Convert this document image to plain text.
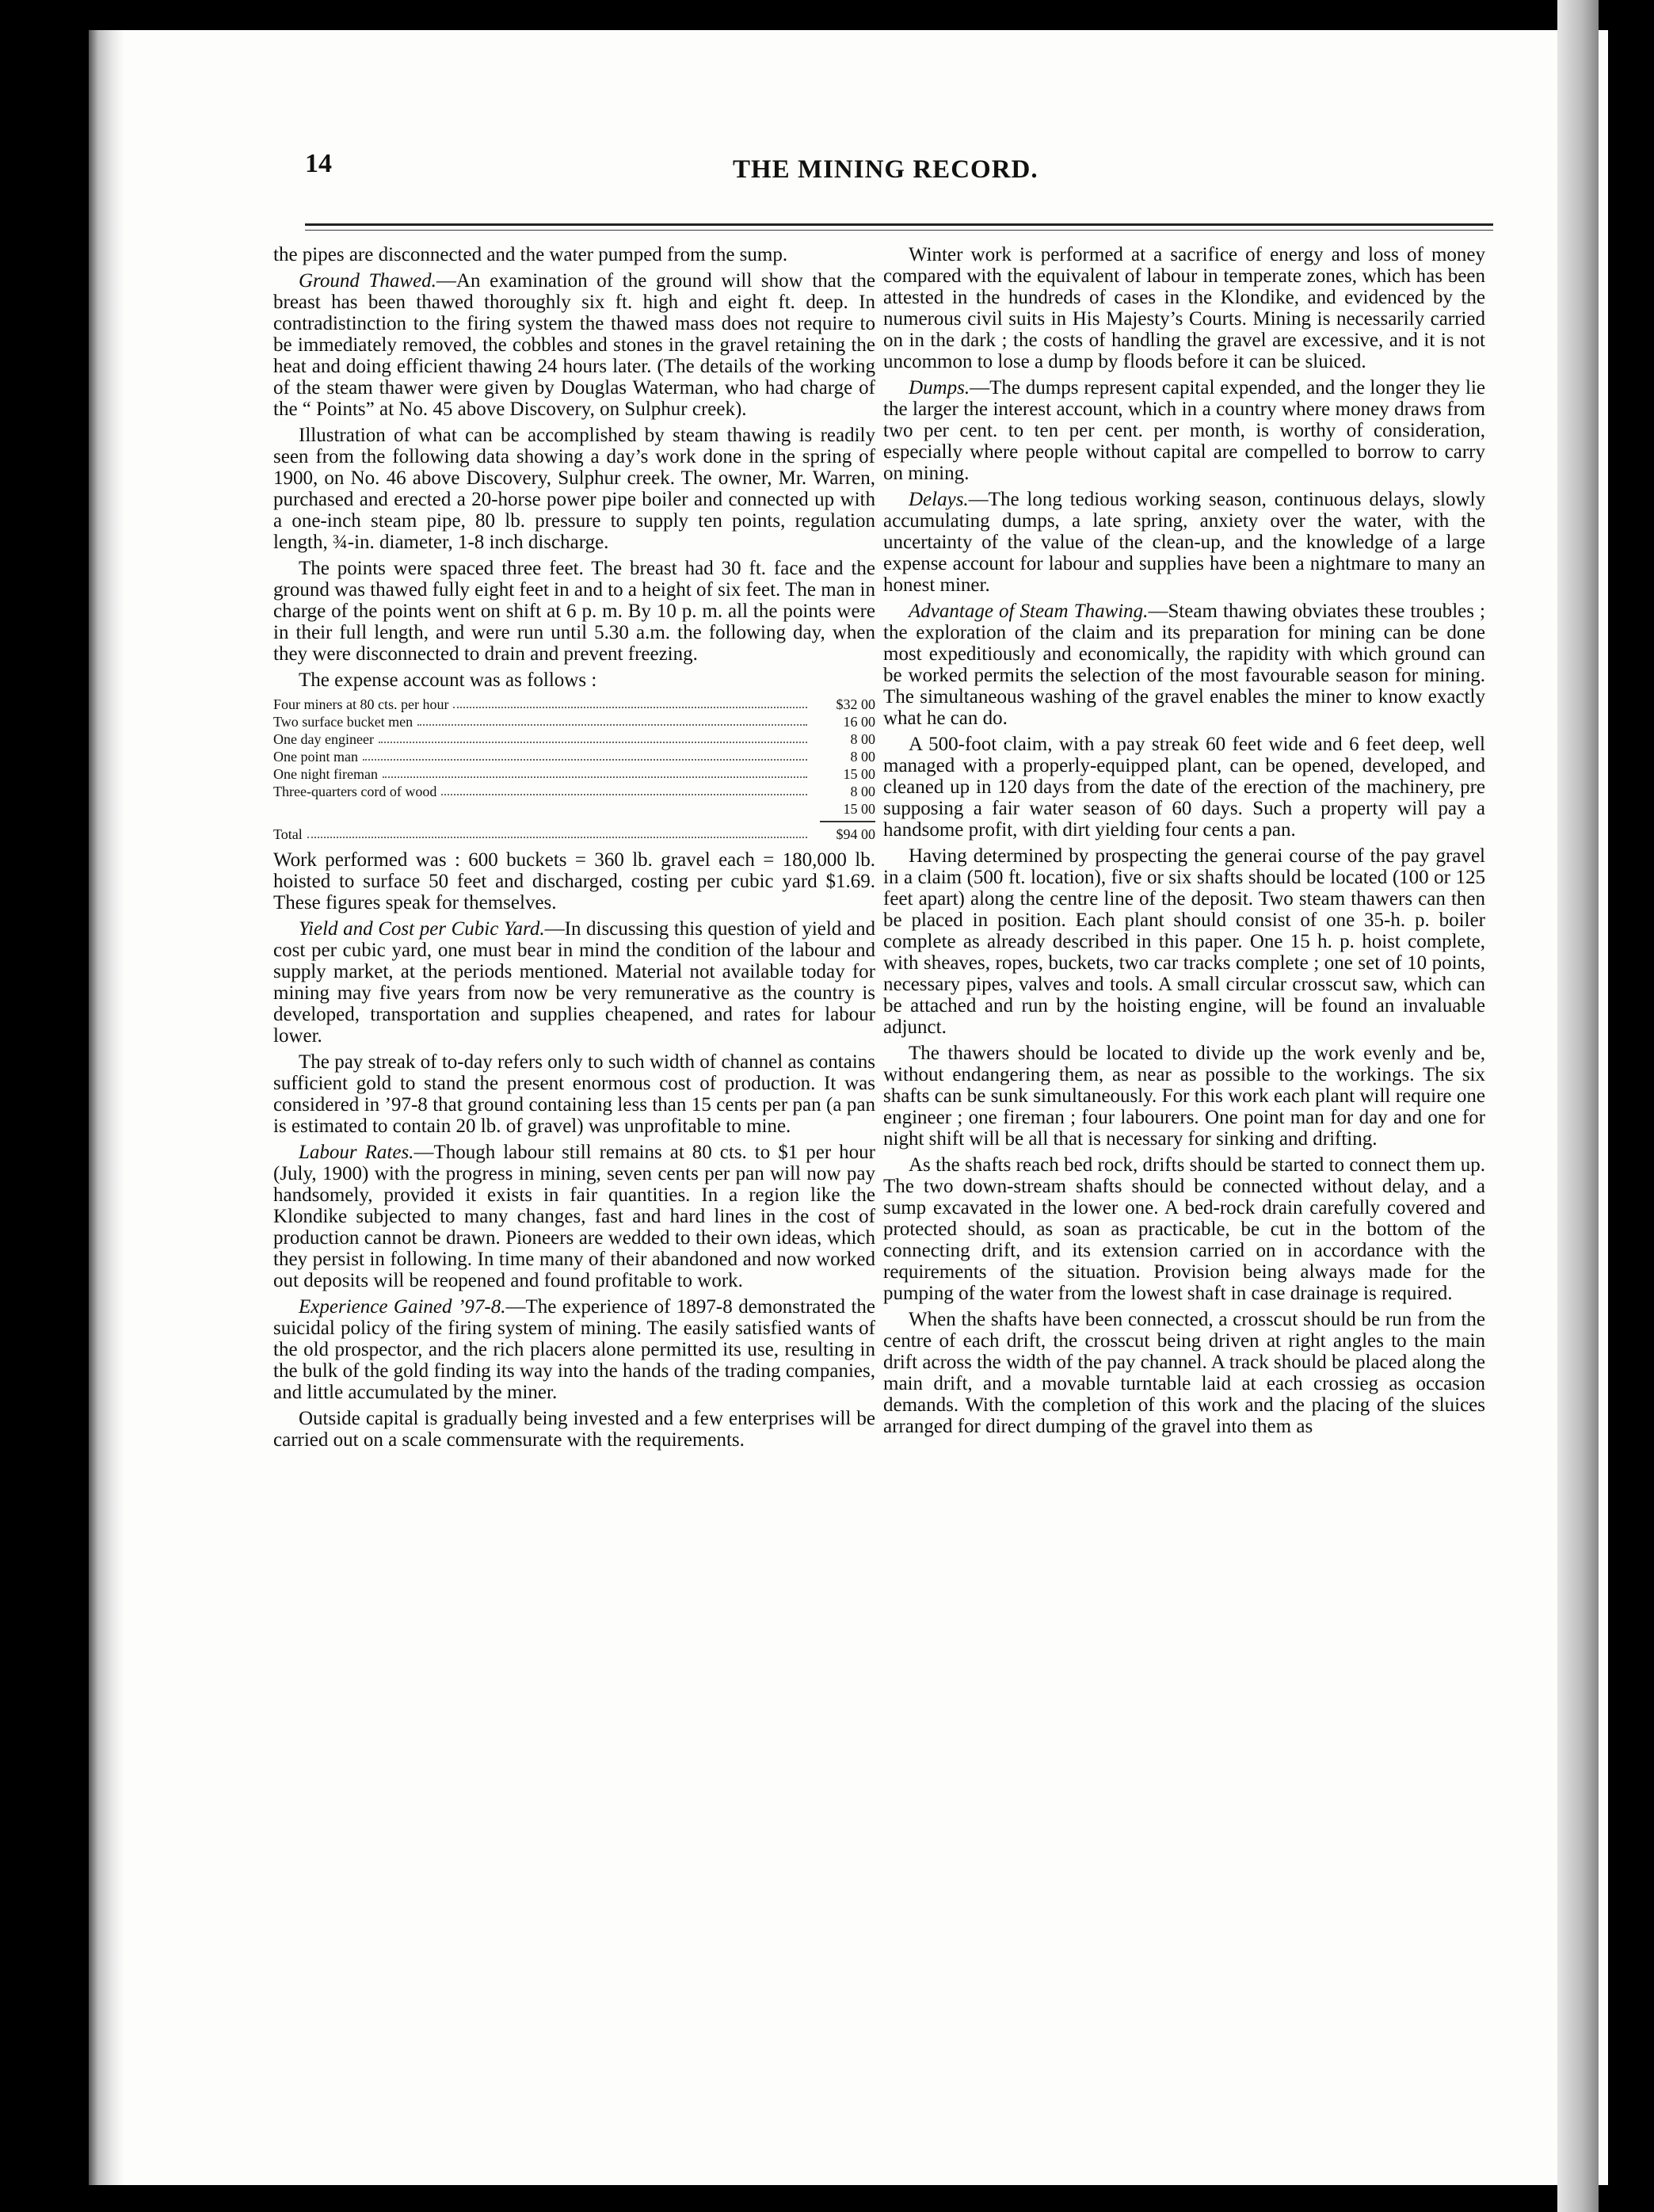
14	THE MINING RECORD.

the pipes are disconnected and the water pumped from the sump.

Ground Thawed.—An examination of the ground will show that the breast has been thawed thoroughly six ft. high and eight ft. deep. In contradistinction to the firing system the thawed mass does not require to be immediately removed, the cobbles and stones in the gravel retaining the heat and doing efficient thawing 24 hours later. (The details of the working of the steam thawer were given by Douglas Waterman, who had charge of the “ Points” at No. 45 above Discovery, on Sulphur creek).

Illustration of what can be accomplished by steam thawing is readily seen from the following data showing a day’s work done in the spring of 1900, on No. 46 above Discovery, Sulphur creek. The owner, Mr. Warren, purchased and erected a 20-horse power pipe boiler and connected up with a one-inch steam pipe, 80 lb. pressure to supply ten points, regulation length, ¾-in. diameter, 1-8 inch discharge.

The points were spaced three feet. The breast had 30 ft. face and the ground was thawed fully eight feet in and to a height of six feet. The man in charge of the points went on shift at 6 p. m. By 10 p. m. all the points were in their full length, and were run until 5.30 a.m. the following day, when they were disconnected to drain and prevent freezing.

The expense account was as follows :

Four miners at 80 cts. per hour	$32 00
Two surface bucket men	16 00
One day engineer	8 00
One point man	8 00
One night fireman	15 00
Three-quarters cord of wood	8 00
15 00
Total	$94 00

Work performed was : 600 buckets = 360 lb. gravel each = 180,000 lb. hoisted to surface 50 feet and discharged, costing per cubic yard $1.69. These figures speak for themselves.

Yield and Cost per Cubic Yard.—In discussing this question of yield and cost per cubic yard, one must bear in mind the condition of the labour and supply market, at the periods mentioned. Material not available today for mining may five years from now be very remunerative as the country is developed, transportation and supplies cheapened, and rates for labour lower.

The pay streak of to-day refers only to such width of channel as contains sufficient gold to stand the present enormous cost of production. It was considered in ’97-8 that ground containing less than 15 cents per pan (a pan is estimated to contain 20 lb. of gravel) was unprofitable to mine.

Labour Rates.—Though labour still remains at 80 cts. to $1 per hour (July, 1900) with the progress in mining, seven cents per pan will now pay handsomely, provided it exists in fair quantities. In a region like the Klondike subjected to many changes, fast and hard lines in the cost of production cannot be drawn. Pioneers are wedded to their own ideas, which they persist in following. In time many of their abandoned and now worked out deposits will be reopened and found profitable to work.

Experience Gained ’97-8.—The experience of 1897-8 demonstrated the suicidal policy of the firing system of mining. The easily satisfied wants of the old prospector, and the rich placers alone permitted its use, resulting in the bulk of the gold finding its way into the hands of the trading companies, and little accumulated by the miner.

Outside capital is gradually being invested and a few enterprises will be carried out on a scale commensurate with the requirements.

Winter work is performed at a sacrifice of energy and loss of money compared with the equivalent of labour in temperate zones, which has been attested in the hundreds of cases in the Klondike, and evidenced by the numerous civil suits in His Majesty’s Courts. Mining is necessarily carried on in the dark ; the costs of handling the gravel are excessive, and it is not uncommon to lose a dump by floods before it can be sluiced.

Dumps.—The dumps represent capital expended, and the longer they lie the larger the interest account, which in a country where money draws from two per cent. to ten per cent. per month, is worthy of consideration, especially where people without capital are compelled to borrow to carry on mining.

Delays.—The long tedious working season, continuous delays, slowly accumulating dumps, a late spring, anxiety over the water, with the uncertainty of the value of the clean-up, and the knowledge of a large expense account for labour and supplies have been a nightmare to many an honest miner.

Advantage of Steam Thawing.—Steam thawing obviates these troubles ; the exploration of the claim and its preparation for mining can be done most expeditiously and economically, the rapidity with which ground can be worked permits the selection of the most favourable season for mining. The simultaneous washing of the gravel enables the miner to know exactly what he can do.

A 500-foot claim, with a pay streak 60 feet wide and 6 feet deep, well managed with a properly-equipped plant, can be opened, developed, and cleaned up in 120 days from the date of the erection of the machinery, pre supposing a fair water season of 60 days. Such a property will pay a handsome profit, with dirt yielding four cents a pan.

Having determined by prospecting the generai course of the pay gravel in a claim (500 ft. location), five or six shafts should be located (100 or 125 feet apart) along the centre line of the deposit. Two steam thawers can then be placed in position. Each plant should consist of one 35-h. p. boiler complete as already described in this paper. One 15 h. p. hoist complete, with sheaves, ropes, buckets, two car tracks complete ; one set of 10 points, necessary pipes, valves and tools. A small circular crosscut saw, which can be attached and run by the hoisting engine, will be found an invaluable adjunct.

The thawers should be located to divide up the work evenly and be, without endangering them, as near as possible to the workings. The six shafts can be sunk simultaneously. For this work each plant will require one engineer ; one fireman ; four labourers. One point man for day and one for night shift will be all that is necessary for sinking and drifting.

As the shafts reach bed rock, drifts should be started to connect them up. The two down-stream shafts should be connected without delay, and a sump excavated in the lower one. A bed-rock drain carefully covered and protected should, as soan as practicable, be cut in the bottom of the connecting drift, and its extension carried on in accordance with the requirements of the situation. Provision being always made for the pumping of the water from the lowest shaft in case drainage is required.

When the shafts have been connected, a crosscut should be run from the centre of each drift, the crosscut being driven at right angles to the main drift across the width of the pay channel. A track should be placed along the main drift, and a movable turntable laid at each crossieg as occasion demands. With the completion of this work and the placing of the sluices arranged for direct dumping of the gravel into them as
